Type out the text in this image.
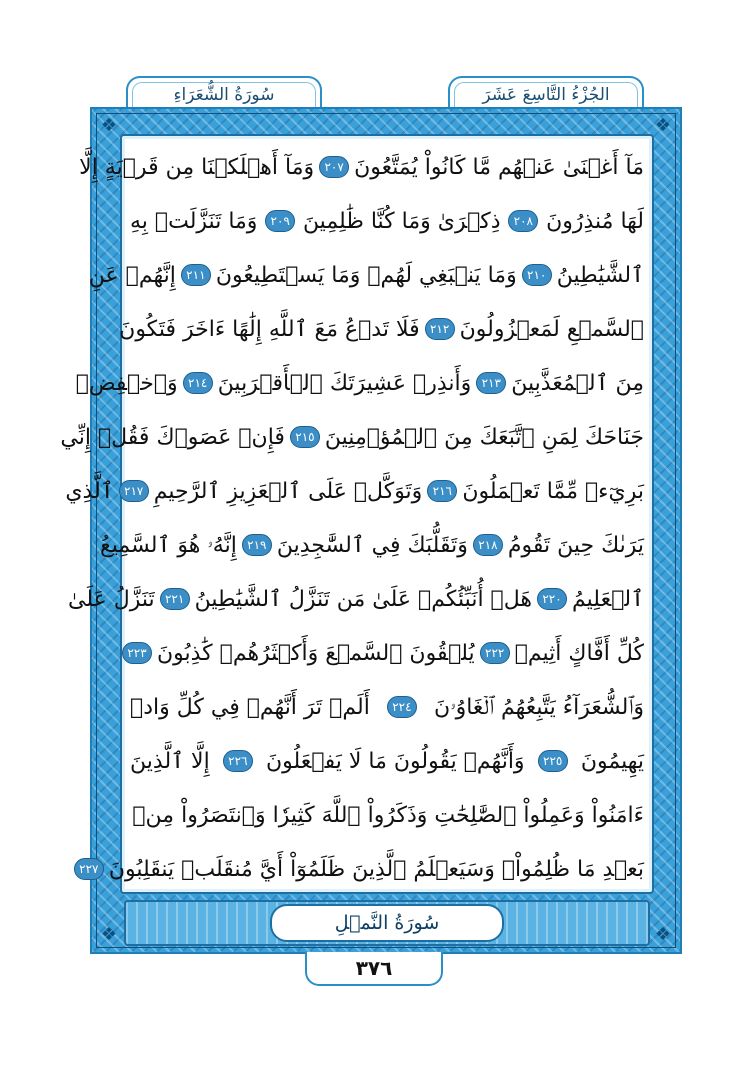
سُورَةُ الشُّعَرَاءِ	الجُزْءُ التَّاسِعَ عَشَرَ
❖	❖
❖	❖
مَآ أَغۡنَىٰ عَنۡهُم مَّا كَانُواْ يُمَتَّعُونَ
٢٠٧
وَمَآ أَهۡلَكۡنَا مِن قَرۡيَةٍ إِلَّا
لَهَا مُنذِرُونَ
٢٠٨
ذِكۡرَىٰ وَمَا كُنَّا ظَٰلِمِينَ
٢٠٩
وَمَا تَنَزَّلَتۡ بِهِ
ٱلشَّيَٰطِينُ
٢١٠
وَمَا يَنۢبَغِي لَهُمۡ وَمَا يَسۡتَطِيعُونَ
٢١١
إِنَّهُمۡ عَنِ
ٱلسَّمۡعِ لَمَعۡزُولُونَ
٢١٢
فَلَا تَدۡعُ مَعَ ٱللَّهِ إِلَٰهًا ءَاخَرَ فَتَكُونَ
مِنَ ٱلۡمُعَذَّبِينَ
٢١٣
وَأَنذِرۡ عَشِيرَتَكَ ٱلۡأَقۡرَبِينَ
٢١٤
وَٱخۡفِضۡ
جَنَاحَكَ لِمَنِ ٱتَّبَعَكَ مِنَ ٱلۡمُؤۡمِنِينَ
٢١٥
فَإِنۡ عَصَوۡكَ فَقُلۡ إِنِّي
بَرِيٓءٞ مِّمَّا تَعۡمَلُونَ
٢١٦
وَتَوَكَّلۡ عَلَى ٱلۡعَزِيزِ ٱلرَّحِيمِ
٢١٧
ٱلَّذِي
يَرَىٰكَ حِينَ تَقُومُ
٢١٨
وَتَقَلُّبَكَ فِي ٱلسَّٰجِدِينَ
٢١٩
إِنَّهُۥ هُوَ ٱلسَّمِيعُ
ٱلۡعَلِيمُ
٢٢٠
هَلۡ أُنَبِّئُكُمۡ عَلَىٰ مَن تَنَزَّلُ ٱلشَّيَٰطِينُ
٢٢١
تَنَزَّلُ عَلَىٰ
كُلِّ أَفَّاكٍ أَثِيمٖ
٢٢٢
يُلۡقُونَ ٱلسَّمۡعَ وَأَكۡثَرُهُمۡ كَٰذِبُونَ
٢٢٣
وَٱلشُّعَرَآءُ يَتَّبِعُهُمُ ٱلۡغَاوُۥنَ
٢٢٤
أَلَمۡ تَرَ أَنَّهُمۡ فِي كُلِّ وَادٖ
يَهِيمُونَ
٢٢٥
وَأَنَّهُمۡ يَقُولُونَ مَا لَا يَفۡعَلُونَ
٢٢٦
إِلَّا ٱلَّذِينَ
ءَامَنُواْ وَعَمِلُواْ ٱلصَّٰلِحَٰتِ وَذَكَرُواْ ٱللَّهَ كَثِيرٗا وَٱنتَصَرُواْ مِنۢ
بَعۡدِ مَا ظُلِمُواْۗ وَسَيَعۡلَمُ ٱلَّذِينَ ظَلَمُوٓاْ أَيَّ مُنقَلَبٖ يَنقَلِبُونَ
٢٢٧
سُورَةُ النَّمۡلِ
٣٧٦
